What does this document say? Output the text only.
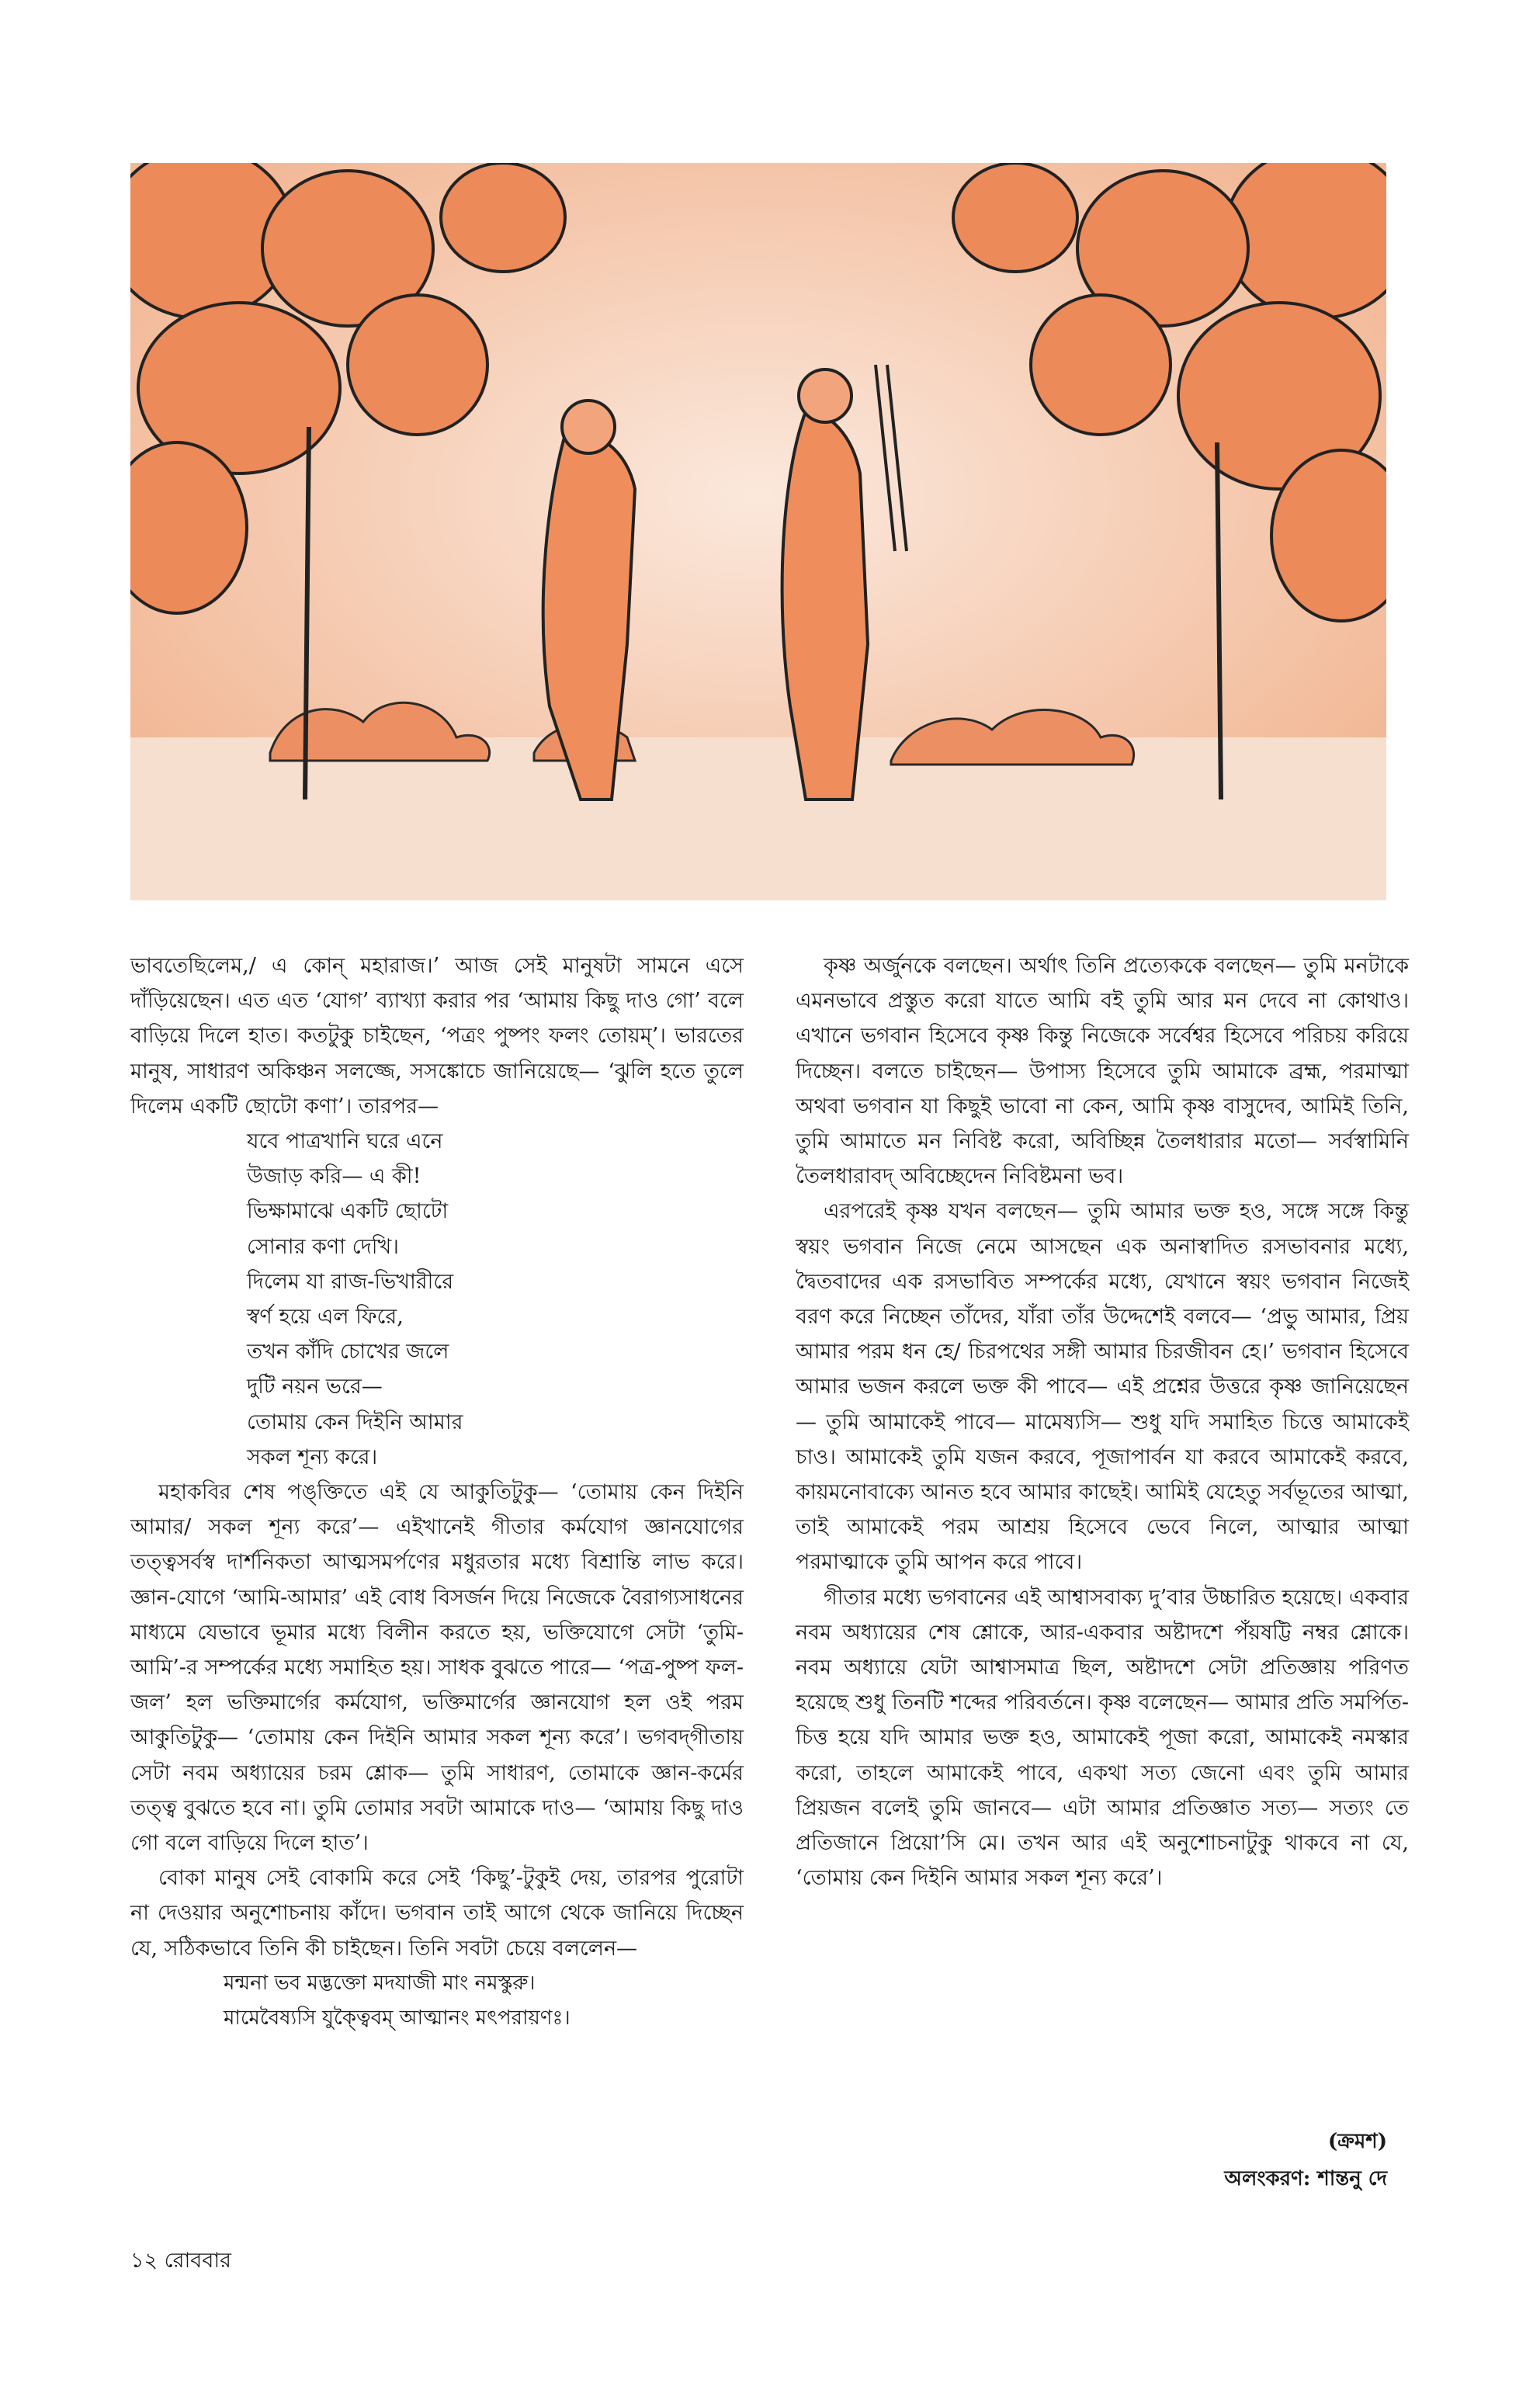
ভাবতেছিলেম,/ এ কোন্‌ মহারাজ।’ আজ সেই মানুষটা সামনে এসে দাঁড়িয়েছেন। এত এত ‘যোগ’ ব্যাখ্যা করার পর ‘আমায় কিছু দাও গো’ বলে বাড়িয়ে দিলে হাত। কতটুকু চাইছেন, ‘পত্রং পুষ্পং ফলং তোয়ম্‌’। ভারতের মানুষ, সাধারণ অকিঞ্চন সলজ্জে, সসঙ্কোচে জানিয়েছে— ‘ঝুলি হতে তুলে দিলেম একটি ছোটো কণা’। তারপর—

যবে পাত্রখানি ঘরে এনে
উজাড় করি— এ কী!
ভিক্ষামাঝে একটি ছোটো
সোনার কণা দেখি।
দিলেম যা রাজ-ভিখারীরে
স্বর্ণ হয়ে এল ফিরে,
তখন কাঁদি চোখের জলে
দুটি নয়ন ভরে—
তোমায় কেন দিইনি আমার
সকল শূন্য করে।

মহাকবির শেষ পঙ্‌ক্তিতে এই যে আকুতিটুকু— ‘তোমায় কেন দিইনি আমার/ সকল শূন্য করে’— এইখানেই গীতার কর্মযোগ জ্ঞানযোগের তত্ত্বসর্বস্ব দার্শনিকতা আত্মসমর্পণের মধুরতার মধ্যে বিশ্রান্তি লাভ করে। জ্ঞান-যোগে ‘আমি-আমার’ এই বোধ বিসর্জন দিয়ে নিজেকে বৈরাগ্যসাধনের মাধ্যমে যেভাবে ভূমার মধ্যে বিলীন করতে হয়, ভক্তিযোগে সেটা ‘তুমি-আমি’-র সম্পর্কের মধ্যে সমাহিত হয়। সাধক বুঝতে পারে— ‘পত্র-পুষ্প ফল-জল’ হল ভক্তিমার্গের কর্মযোগ, ভক্তিমার্গের জ্ঞানযোগ হল ওই পরম আকুতিটুকু— ‘তোমায় কেন দিইনি আমার সকল শূন্য করে’। ভগবদ্‌গীতায় সেটা নবম অধ্যায়ের চরম শ্লোক— তুমি সাধারণ, তোমাকে জ্ঞান-কর্মের তত্ত্ব বুঝতে হবে না। তুমি তোমার সবটা আমাকে দাও— ‘আমায় কিছু দাও গো বলে বাড়িয়ে দিলে হাত’।

বোকা মানুষ সেই বোকামি করে সেই ‘কিছু’-টুকুই দেয়, তারপর পুরোটা না দেওয়ার অনুশোচনায় কাঁদে। ভগবান তাই আগে থেকে জানিয়ে দিচ্ছেন যে, সঠিকভাবে তিনি কী চাইছেন। তিনি সবটা চেয়ে বললেন—

মন্মনা ভব মদ্ভক্তো মদযাজী মাং নমস্কুরু।
মামেবৈষ্যসি যুক্ত্বৈবম্‌ আত্মানং মৎপরায়ণঃ।

কৃষ্ণ অর্জুনকে বলছেন। অর্থাৎ তিনি প্রত্যেককে বলছেন— তুমি মনটাকে এমনভাবে প্রস্তুত করো যাতে আমি বই তুমি আর মন দেবে না কোথাও। এখানে ভগবান হিসেবে কৃষ্ণ কিন্তু নিজেকে সর্বেশ্বর হিসেবে পরিচয় করিয়ে দিচ্ছেন। বলতে চাইছেন— উপাস্য হিসেবে তুমি আমাকে ব্রহ্ম, পরমাত্মা অথবা ভগবান যা কিছুই ভাবো না কেন, আমি কৃষ্ণ বাসুদেব, আমিই তিনি, তুমি আমাতে মন নিবিষ্ট করো, অবিচ্ছিন্ন তৈলধারার মতো— সর্বস্বামিনি তৈলধারাবদ্‌ অবিচ্ছেদেন নিবিষ্টমনা ভব।

এরপরেই কৃষ্ণ যখন বলছেন— তুমি আমার ভক্ত হও, সঙ্গে সঙ্গে কিন্তু স্বয়ং ভগবান নিজে নেমে আসছেন এক অনাস্বাদিত রসভাবনার মধ্যে, দ্বৈতবাদের এক রসভাবিত সম্পর্কের মধ্যে, যেখানে স্বয়ং ভগবান নিজেই বরণ করে নিচ্ছেন তাঁদের, যাঁরা তাঁর উদ্দেশেই বলবে— ‘প্রভু আমার, প্রিয় আমার পরম ধন হে/ চিরপথের সঙ্গী আমার চিরজীবন হে।’ ভগবান হিসেবে আমার ভজন করলে ভক্ত কী পাবে— এই প্রশ্নের উত্তরে কৃষ্ণ জানিয়েছেন— তুমি আমাকেই পাবে— মামেষ্যসি— শুধু যদি সমাহিত চিত্তে আমাকেই চাও। আমাকেই তুমি যজন করবে, পূজাপার্বন যা করবে আমাকেই করবে, কায়মনোবাক্যে আনত হবে আমার কাছেই। আমিই যেহেতু সর্বভূতের আত্মা, তাই আমাকেই পরম আশ্রয় হিসেবে ভেবে নিলে, আত্মার আত্মা পরমাত্মাকে তুমি আপন করে পাবে।

গীতার মধ্যে ভগবানের এই আশ্বাসবাক্য দু’বার উচ্চারিত হয়েছে। একবার নবম অধ্যায়ের শেষ শ্লোকে, আর-একবার অষ্টাদশে পঁয়ষট্টি নম্বর শ্লোকে। নবম অধ্যায়ে যেটা আশ্বাসমাত্র ছিল, অষ্টাদশে সেটা প্রতিজ্ঞায় পরিণত হয়েছে শুধু তিনটি শব্দের পরিবর্তনে। কৃষ্ণ বলেছেন— আমার প্রতি সমর্পিত-চিত্ত হয়ে যদি আমার ভক্ত হও, আমাকেই পূজা করো, আমাকেই নমস্কার করো, তাহলে আমাকেই পাবে, একথা সত্য জেনো এবং তুমি আমার প্রিয়জন বলেই তুমি জানবে— এটা আমার প্রতিজ্ঞাত সত্য— সত্যং তে প্রতিজানে প্রিয়ো’সি মে। তখন আর এই অনুশোচনাটুকু থাকবে না যে, ‘তোমায় কেন দিইনি আমার সকল শূন্য করে’।

(ক্রমশ)
অলংকরণ: শান্তনু দে
১২ রোববার
